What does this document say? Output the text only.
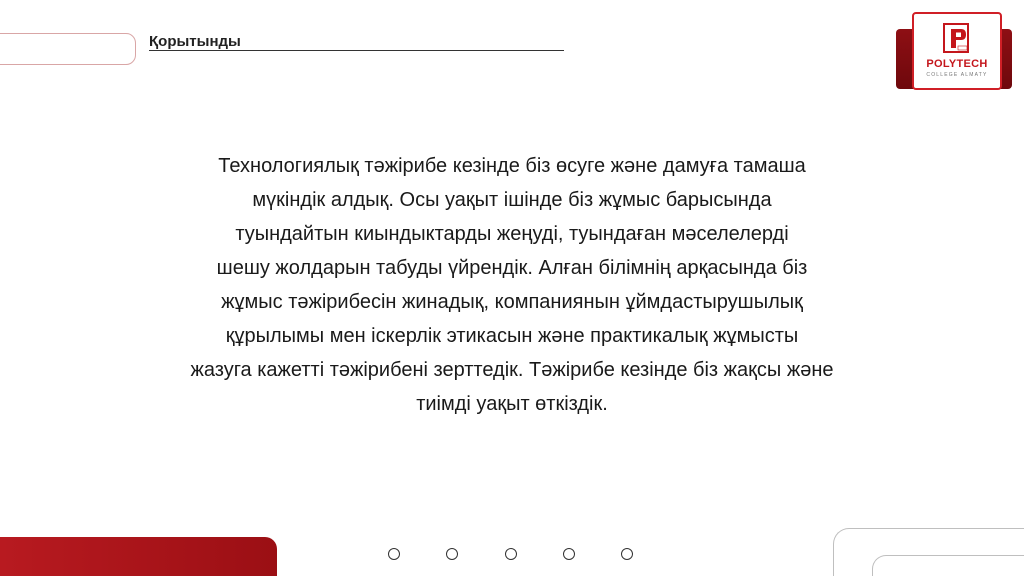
Қорытынды
POLYTECH
COLLEGE ALMATY
Технологиялық тәжірибе кезінде біз өсуге және дамуға тамаша
мүкіндік алдық. Осы уақыт ішінде біз жұмыс барысында
туындайтын киындыктарды жеңуді, туындаған мәселелерді
шешу жолдарын табуды үйрендік. Алған білімнің арқасында біз
жұмыс тәжірибесін жинадық, компаниянын ұймдастырушылық
құрылымы мен іскерлік этикасын және практикалық жұмысты
жазуга кажетті тәжірибені зерттедік. Тәжірибе кезінде біз жақсы және
тиімді уақыт өткіздік.
